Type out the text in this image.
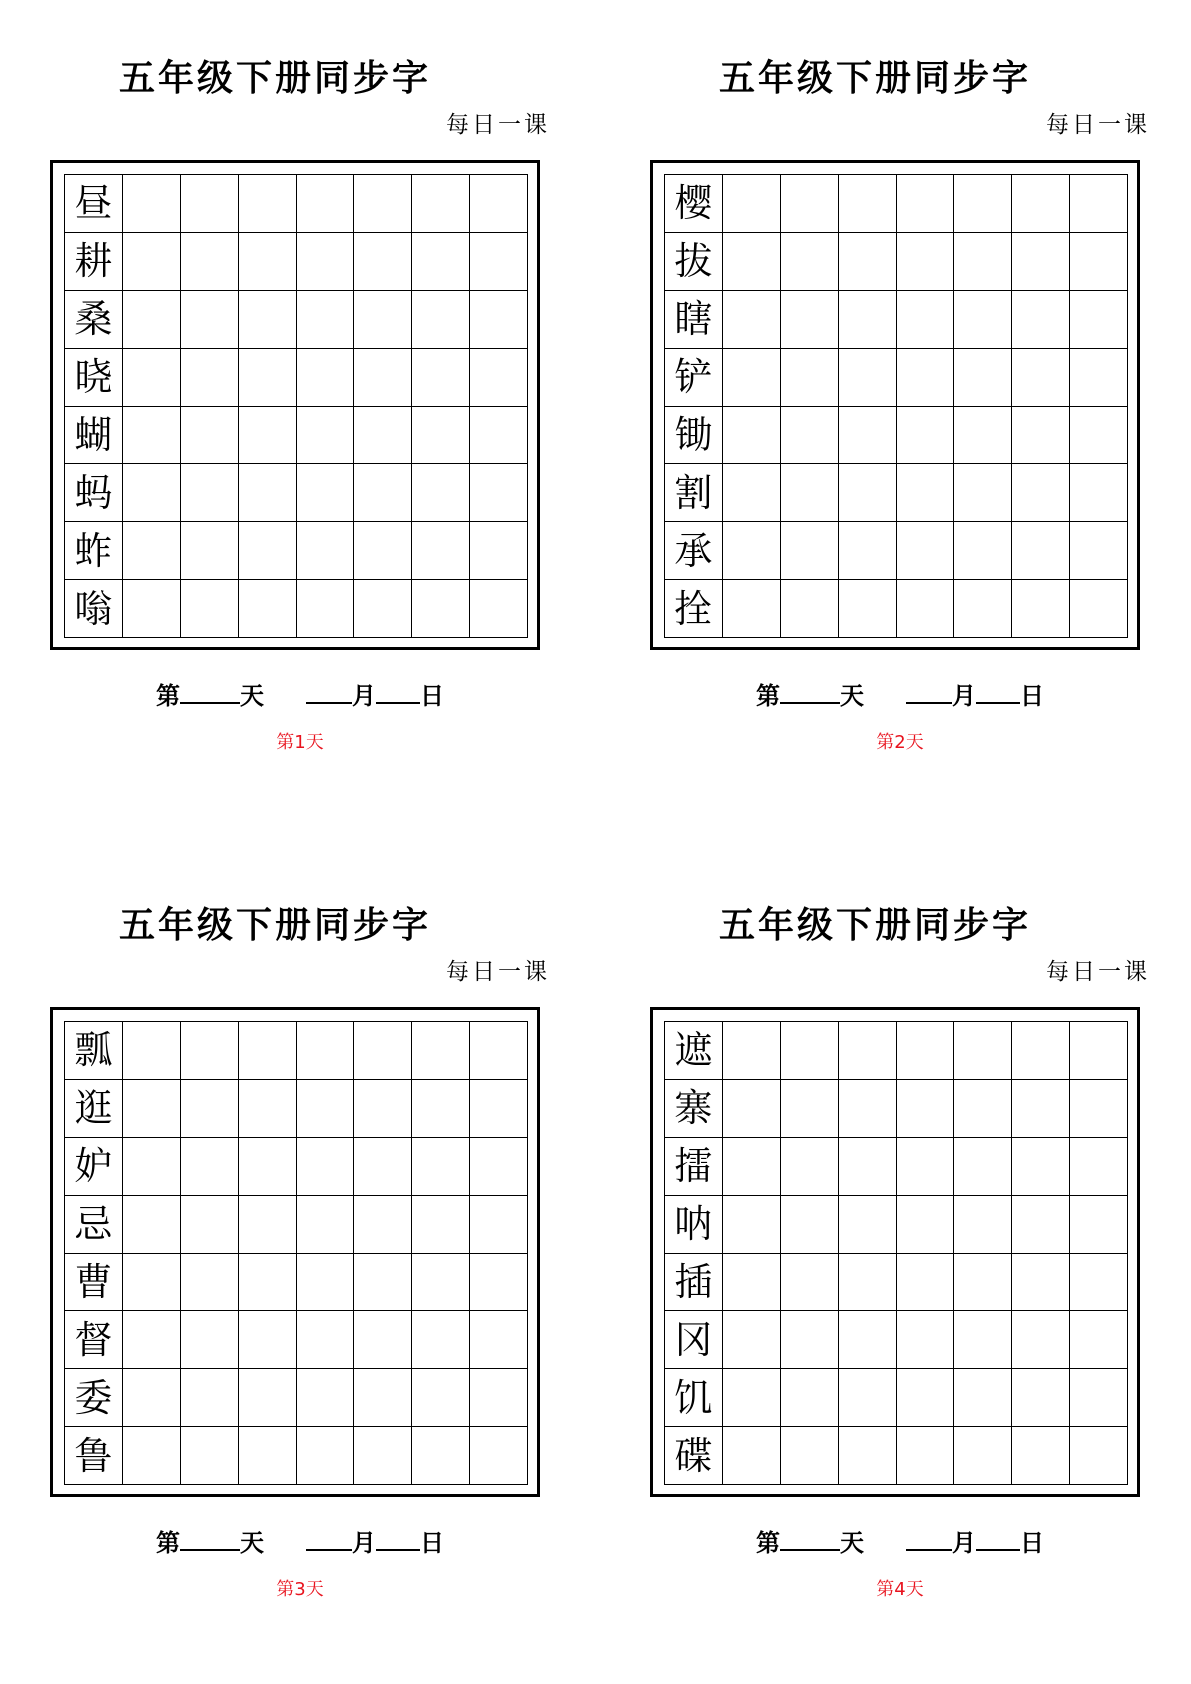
五年级下册同步字
每日一课
昼
耕
桑
晓
蝴
蚂
蚱
嗡
第	天	月 日
第1天
五年级下册同步字
每日一课
樱
拔
瞎
铲
锄
割
承
拴
第	天	月 日
第2天
五年级下册同步字
每日一课
瓢
逛
妒
忌
曹
督
委
鲁
第	天	月 日
第3天
五年级下册同步字
每日一课
遮
寨
擂
呐
插
冈
饥
碟
第	天	月 日
第4天
